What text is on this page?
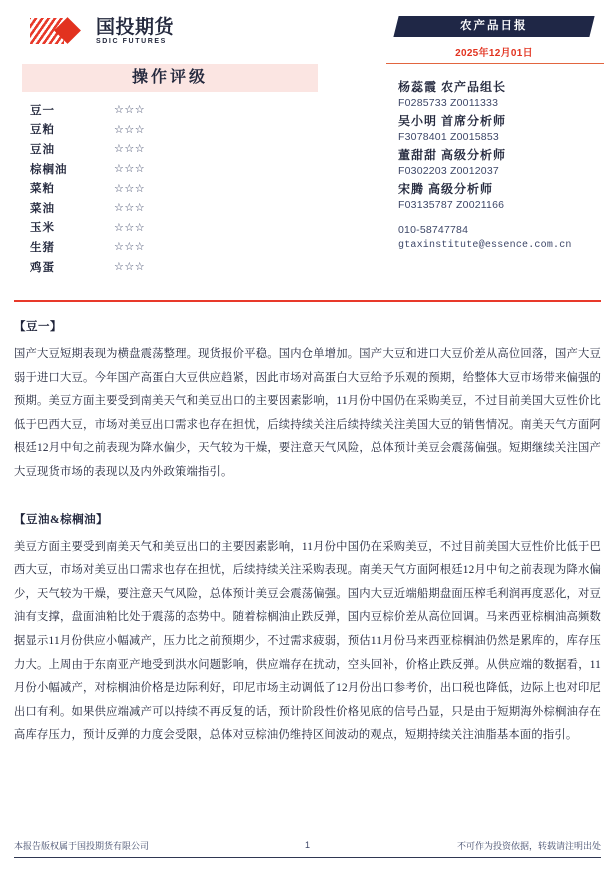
国投期货
SDIC FUTURES
操作评级
豆一	☆☆☆
豆粕	☆☆☆
豆油	☆☆☆
棕榈油	☆☆☆
菜粕	☆☆☆
菜油	☆☆☆
玉米	☆☆☆
生猪	☆☆☆
鸡蛋	☆☆☆
农产品日报
2025年12月01日
杨蕊霞 农产品组长
F0285733 Z0011333
吴小明 首席分析师
F3078401 Z0015853
董甜甜 高级分析师
F0302203 Z0012037
宋腾 高级分析师
F03135787 Z0021166
010-58747784
gtaxinstitute@essence.com.cn
【豆一】
国产大豆短期表现为横盘震荡整理。现货报价平稳。国内仓单增加。国产大豆和进口大豆价差从高位回落，国产大豆弱于进口大豆。今年国产高蛋白大豆供应趋紧，因此市场对高蛋白大豆给予乐观的预期，给整体大豆市场带来偏强的预期。美豆方面主要受到南美天气和美豆出口的主要因素影响，11月份中国仍在采购美豆，不过目前美国大豆性价比低于巴西大豆，市场对美豆出口需求也存在担忧，后续持续关注后续持续关注美国大豆的销售情况。南美天气方面阿根廷12月中旬之前表现为降水偏少，天气较为干燥，要注意天气风险，总体预计美豆会震荡偏强。短期继续关注国产大豆现货市场的表现以及内外政策端指引。
【豆油&棕榈油】
美豆方面主要受到南美天气和美豆出口的主要因素影响，11月份中国仍在采购美豆，不过目前美国大豆性价比低于巴西大豆，市场对美豆出口需求也存在担忧，后续持续关注采购表现。南美天气方面阿根廷12月中旬之前表现为降水偏少，天气较为干燥，要注意天气风险，总体预计美豆会震荡偏强。国内大豆近端船期盘面压榨毛利润再度恶化，对豆油有支撑，盘面油粕比处于震荡的态势中。随着棕榈油止跌反弹，国内豆棕价差从高位回调。马来西亚棕榈油高频数据显示11月份供应小幅减产，压力比之前预期少，不过需求疲弱，预估11月份马来西亚棕榈油仍然是累库的，库存压力大。上周由于东南亚产地受到洪水问题影响，供应端存在扰动，空头回补，价格止跌反弹。从供应端的数据看，11月份小幅减产，对棕榈油价格是边际利好，印尼市场主动调低了12月份出口参考价，出口税也降低，边际上也对印尼出口有利。如果供应端减产可以持续不再反复的话，预计阶段性价格见底的信号凸显，只是由于短期海外棕榈油存在高库存压力，预计反弹的力度会受限，总体对豆棕油仍维持区间波动的观点，短期持续关注油脂基本面的指引。
本报告版权属于国投期货有限公司	1	不可作为投资依据，转载请注明出处
